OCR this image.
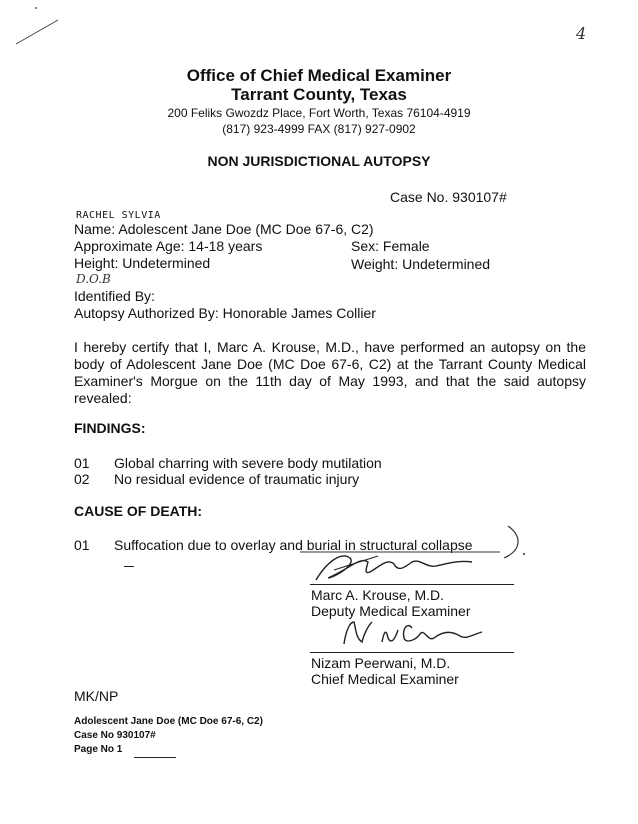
4
Office of Chief Medical Examiner
Tarrant County, Texas
200 Feliks Gwozdz Place, Fort Worth, Texas 76104-4919
(817) 923-4999 FAX (817) 927-0902
NON JURISDICTIONAL AUTOPSY
Case No. 930107#
RACHEL SYLVIA
Name: Adolescent Jane Doe (MC Doe 67-6, C2)
Approximate Age: 14-18 years	Sex: Female
Height: Undetermined	Weight: Undetermined
D.O.B
Identified By:
Autopsy Authorized By: Honorable James Collier
I hereby certify that I, Marc A. Krouse, M.D., have performed an autopsy on the body of Adolescent Jane Doe (MC Doe 67-6, C2) at the Tarrant County Medical Examiner's Morgue on the 11th day of May 1993, and that the said autopsy revealed:
FINDINGS:
01 Global charring with severe body mutilation
02 No residual evidence of traumatic injury
CAUSE OF DEATH:
01 Suffocation due to overlay and burial in structural collapse
Marc A. Krouse, M.D.
Deputy Medical Examiner
Nizam Peerwani, M.D.
Chief Medical Examiner
MK/NP
Adolescent Jane Doe (MC Doe 67-6, C2)
Case No 930107#
Page No 1
